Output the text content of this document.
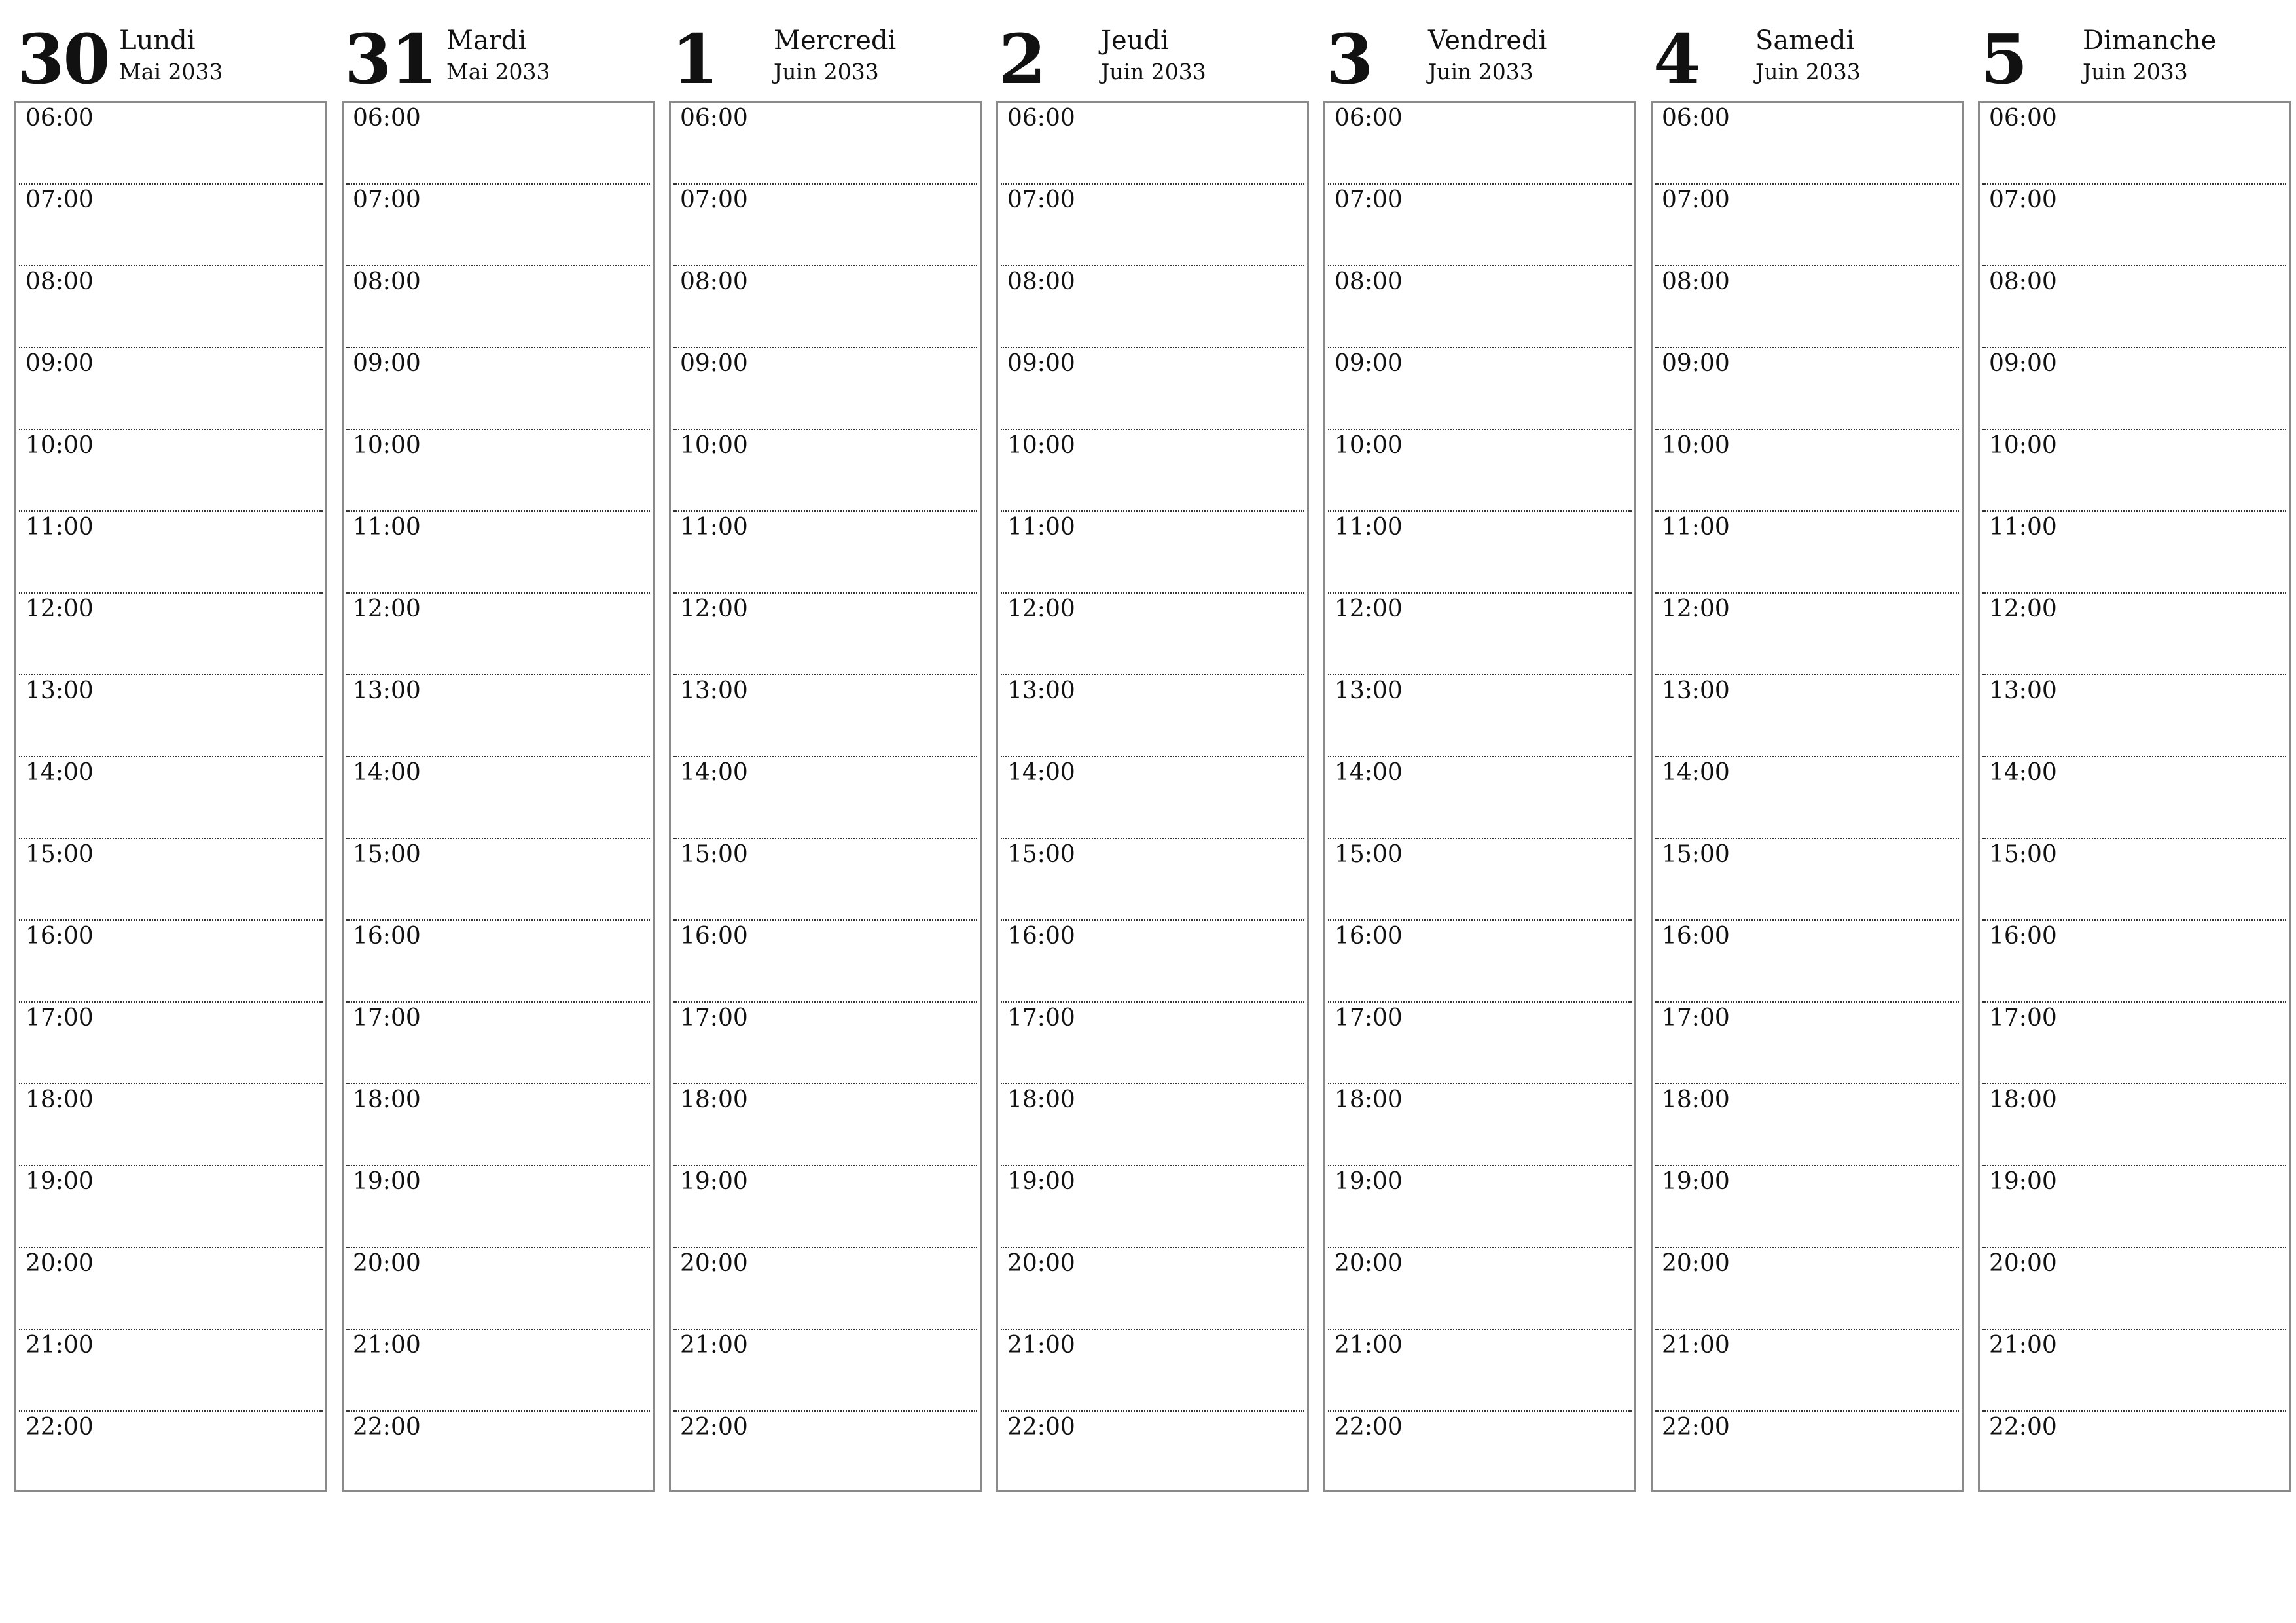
30 Lundi
Mai 2033
06:00
07:00
08:00
09:00
10:00
11:00
12:00
13:00
14:00
15:00
16:00
17:00
18:00
19:00
20:00
21:00
22:00
31 Mardi
Mai 2033
06:00
07:00
08:00
09:00
10:00
11:00
12:00
13:00
14:00
15:00
16:00
17:00
18:00
19:00
20:00
21:00
22:00
1 Mercredi
Juin 2033
06:00
07:00
08:00
09:00
10:00
11:00
12:00
13:00
14:00
15:00
16:00
17:00
18:00
19:00
20:00
21:00
22:00
2 Jeudi
Juin 2033
06:00
07:00
08:00
09:00
10:00
11:00
12:00
13:00
14:00
15:00
16:00
17:00
18:00
19:00
20:00
21:00
22:00
3 Vendredi
Juin 2033
06:00
07:00
08:00
09:00
10:00
11:00
12:00
13:00
14:00
15:00
16:00
17:00
18:00
19:00
20:00
21:00
22:00
4 Samedi
Juin 2033
06:00
07:00
08:00
09:00
10:00
11:00
12:00
13:00
14:00
15:00
16:00
17:00
18:00
19:00
20:00
21:00
22:00
5 Dimanche
Juin 2033
06:00
07:00
08:00
09:00
10:00
11:00
12:00
13:00
14:00
15:00
16:00
17:00
18:00
19:00
20:00
21:00
22:00
